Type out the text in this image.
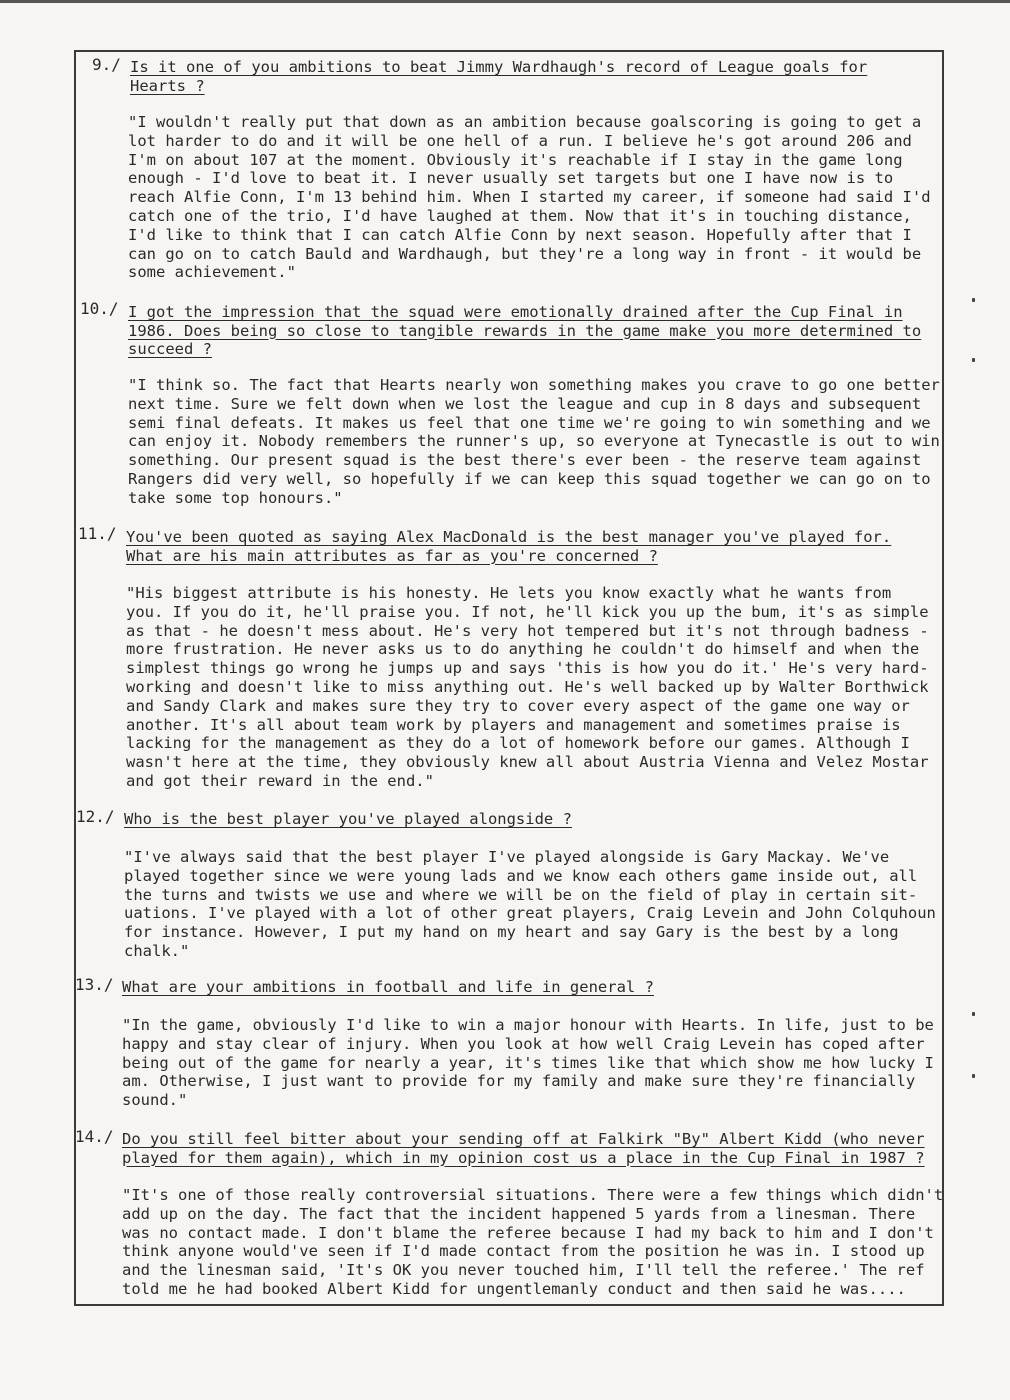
9./ Is it one of you ambitions to beat Jimmy Wardhaugh's record of League goals for
Hearts ?
"I wouldn't really put that down as an ambition because goalscoring is going to get a
lot harder to do and it will be one hell of a run. I believe he's got around 206 and
I'm on about 107 at the moment. Obviously it's reachable if I stay in the game long
enough - I'd love to beat it. I never usually set targets but one I have now is to
reach Alfie Conn, I'm 13 behind him. When I started my career, if someone had said I'd
catch one of the trio, I'd have laughed at them. Now that it's in touching distance,
I'd like to think that I can catch Alfie Conn by next season. Hopefully after that I
can go on to catch Bauld and Wardhaugh, but they're a long way in front - it would be
some achievement."
10./ I got the impression that the squad were emotionally drained after the Cup Final in
1986. Does being so close to tangible rewards in the game make you more determined to
succeed ?
"I think so. The fact that Hearts nearly won something makes you crave to go one better
next time. Sure we felt down when we lost the league and cup in 8 days and subsequent
semi final defeats. It makes us feel that one time we're going to win something and we
can enjoy it. Nobody remembers the runner's up, so everyone at Tynecastle is out to win
something. Our present squad is the best there's ever been - the reserve team against
Rangers did very well, so hopefully if we can keep this squad together we can go on to
take some top honours."
11./ You've been quoted as saying Alex MacDonald is the best manager you've played for.
What are his main attributes as far as you're concerned ?
"His biggest attribute is his honesty. He lets you know exactly what he wants from
you. If you do it, he'll praise you. If not, he'll kick you up the bum, it's as simple
as that - he doesn't mess about. He's very hot tempered but it's not through badness -
more frustration. He never asks us to do anything he couldn't do himself and when the
simplest things go wrong he jumps up and says 'this is how you do it.' He's very hard-
working and doesn't like to miss anything out. He's well backed up by Walter Borthwick
and Sandy Clark and makes sure they try to cover every aspect of the game one way or
another. It's all about team work by players and management and sometimes praise is
lacking for the management as they do a lot of homework before our games. Although I
wasn't here at the time, they obviously knew all about Austria Vienna and Velez Mostar
and got their reward in the end."
12./ Who is the best player you've played alongside ?
"I've always said that the best player I've played alongside is Gary Mackay. We've
played together since we were young lads and we know each others game inside out, all
the turns and twists we use and where we will be on the field of play in certain sit-
uations. I've played with a lot of other great players, Craig Levein and John Colquhoun
for instance. However, I put my hand on my heart and say Gary is the best by a long
chalk."
13./ What are your ambitions in football and life in general ?
"In the game, obviously I'd like to win a major honour with Hearts. In life, just to be
happy and stay clear of injury. When you look at how well Craig Levein has coped after
being out of the game for nearly a year, it's times like that which show me how lucky I
am. Otherwise, I just want to provide for my family and make sure they're financially
sound."
14./ Do you still feel bitter about your sending off at Falkirk "By" Albert Kidd (who never
played for them again), which in my opinion cost us a place in the Cup Final in 1987 ?
"It's one of those really controversial situations. There were a few things which didn't
add up on the day. The fact that the incident happened 5 yards from a linesman. There
was no contact made. I don't blame the referee because I had my back to him and I don't
think anyone would've seen if I'd made contact from the position he was in. I stood up
and the linesman said, 'It's OK you never touched him, I'll tell the referee.' The ref
told me he had booked Albert Kidd for ungentlemanly conduct and then said he was....
